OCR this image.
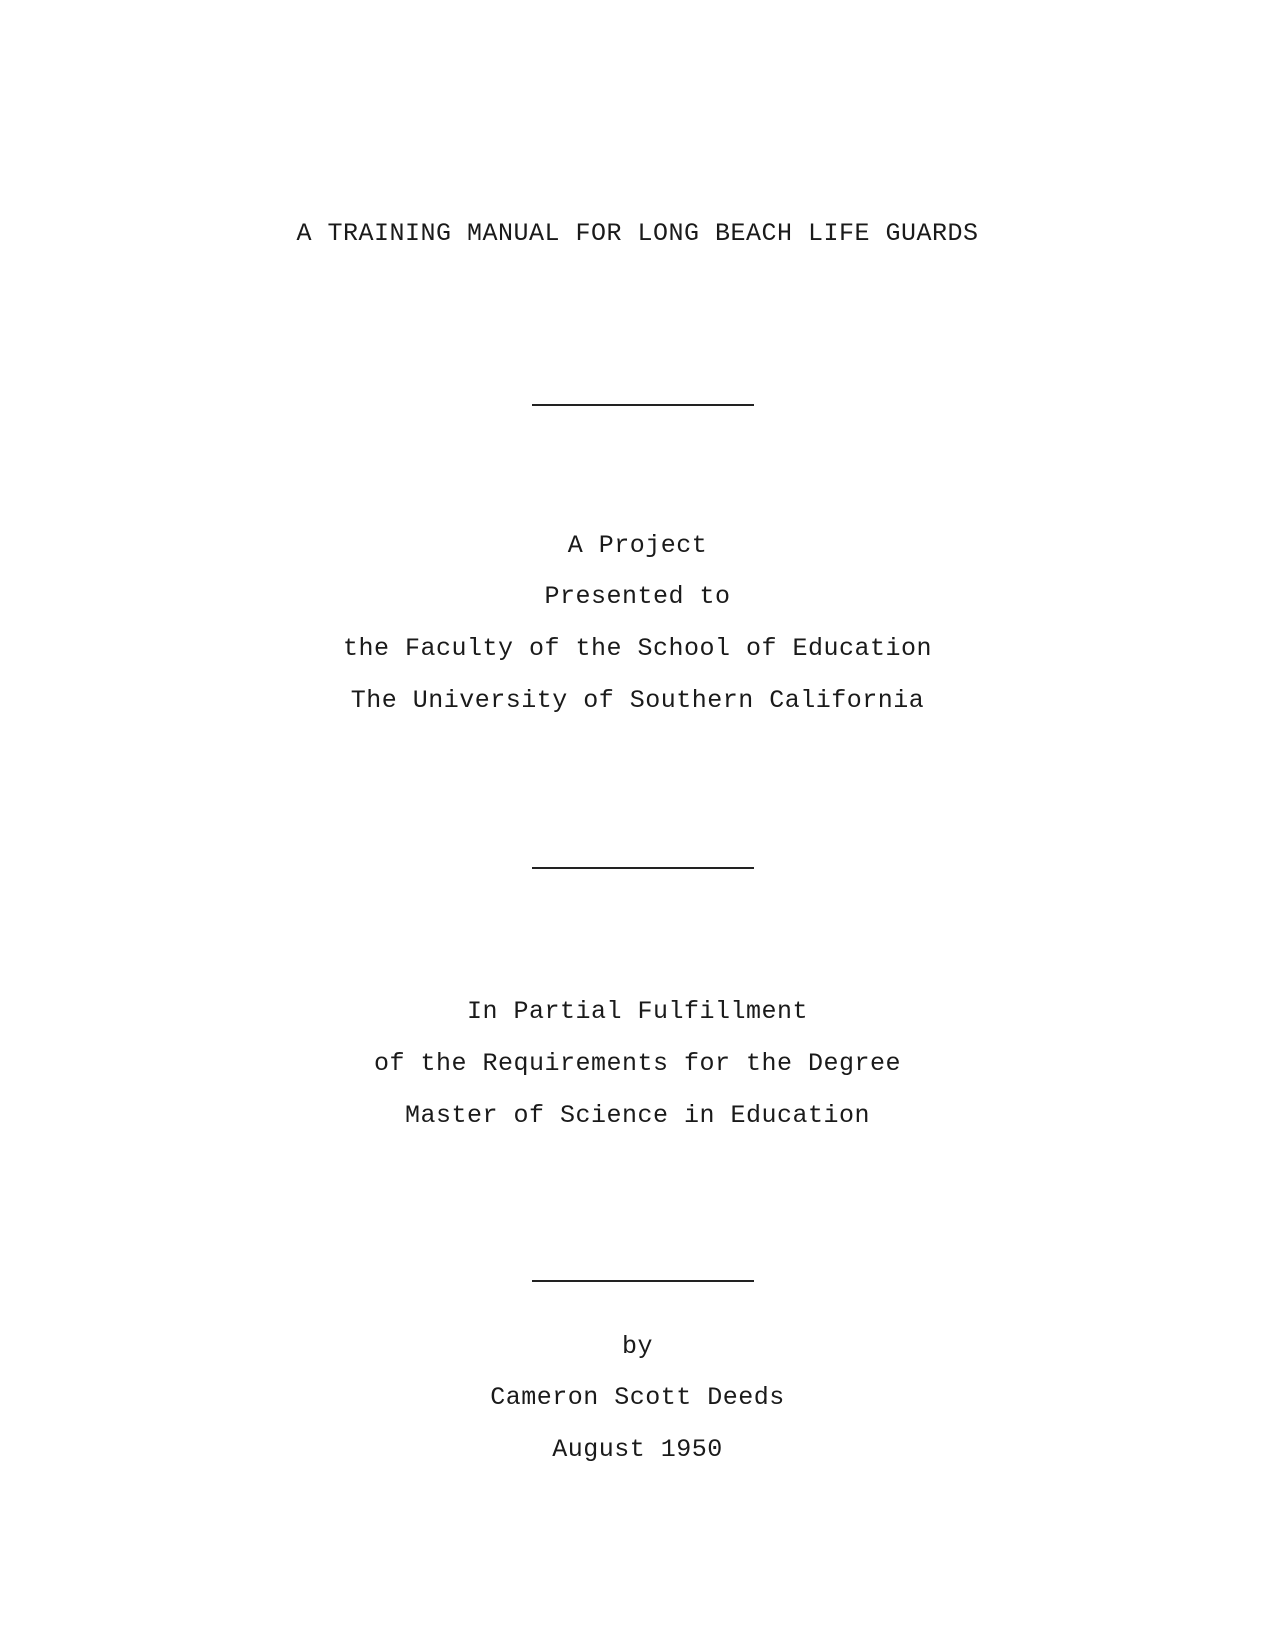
A TRAINING MANUAL FOR LONG BEACH LIFE GUARDS
A Project
Presented to
the Faculty of the School of Education
The University of Southern California
In Partial Fulfillment
of the Requirements for the Degree
Master of Science in Education
by
Cameron Scott Deeds
August 1950
